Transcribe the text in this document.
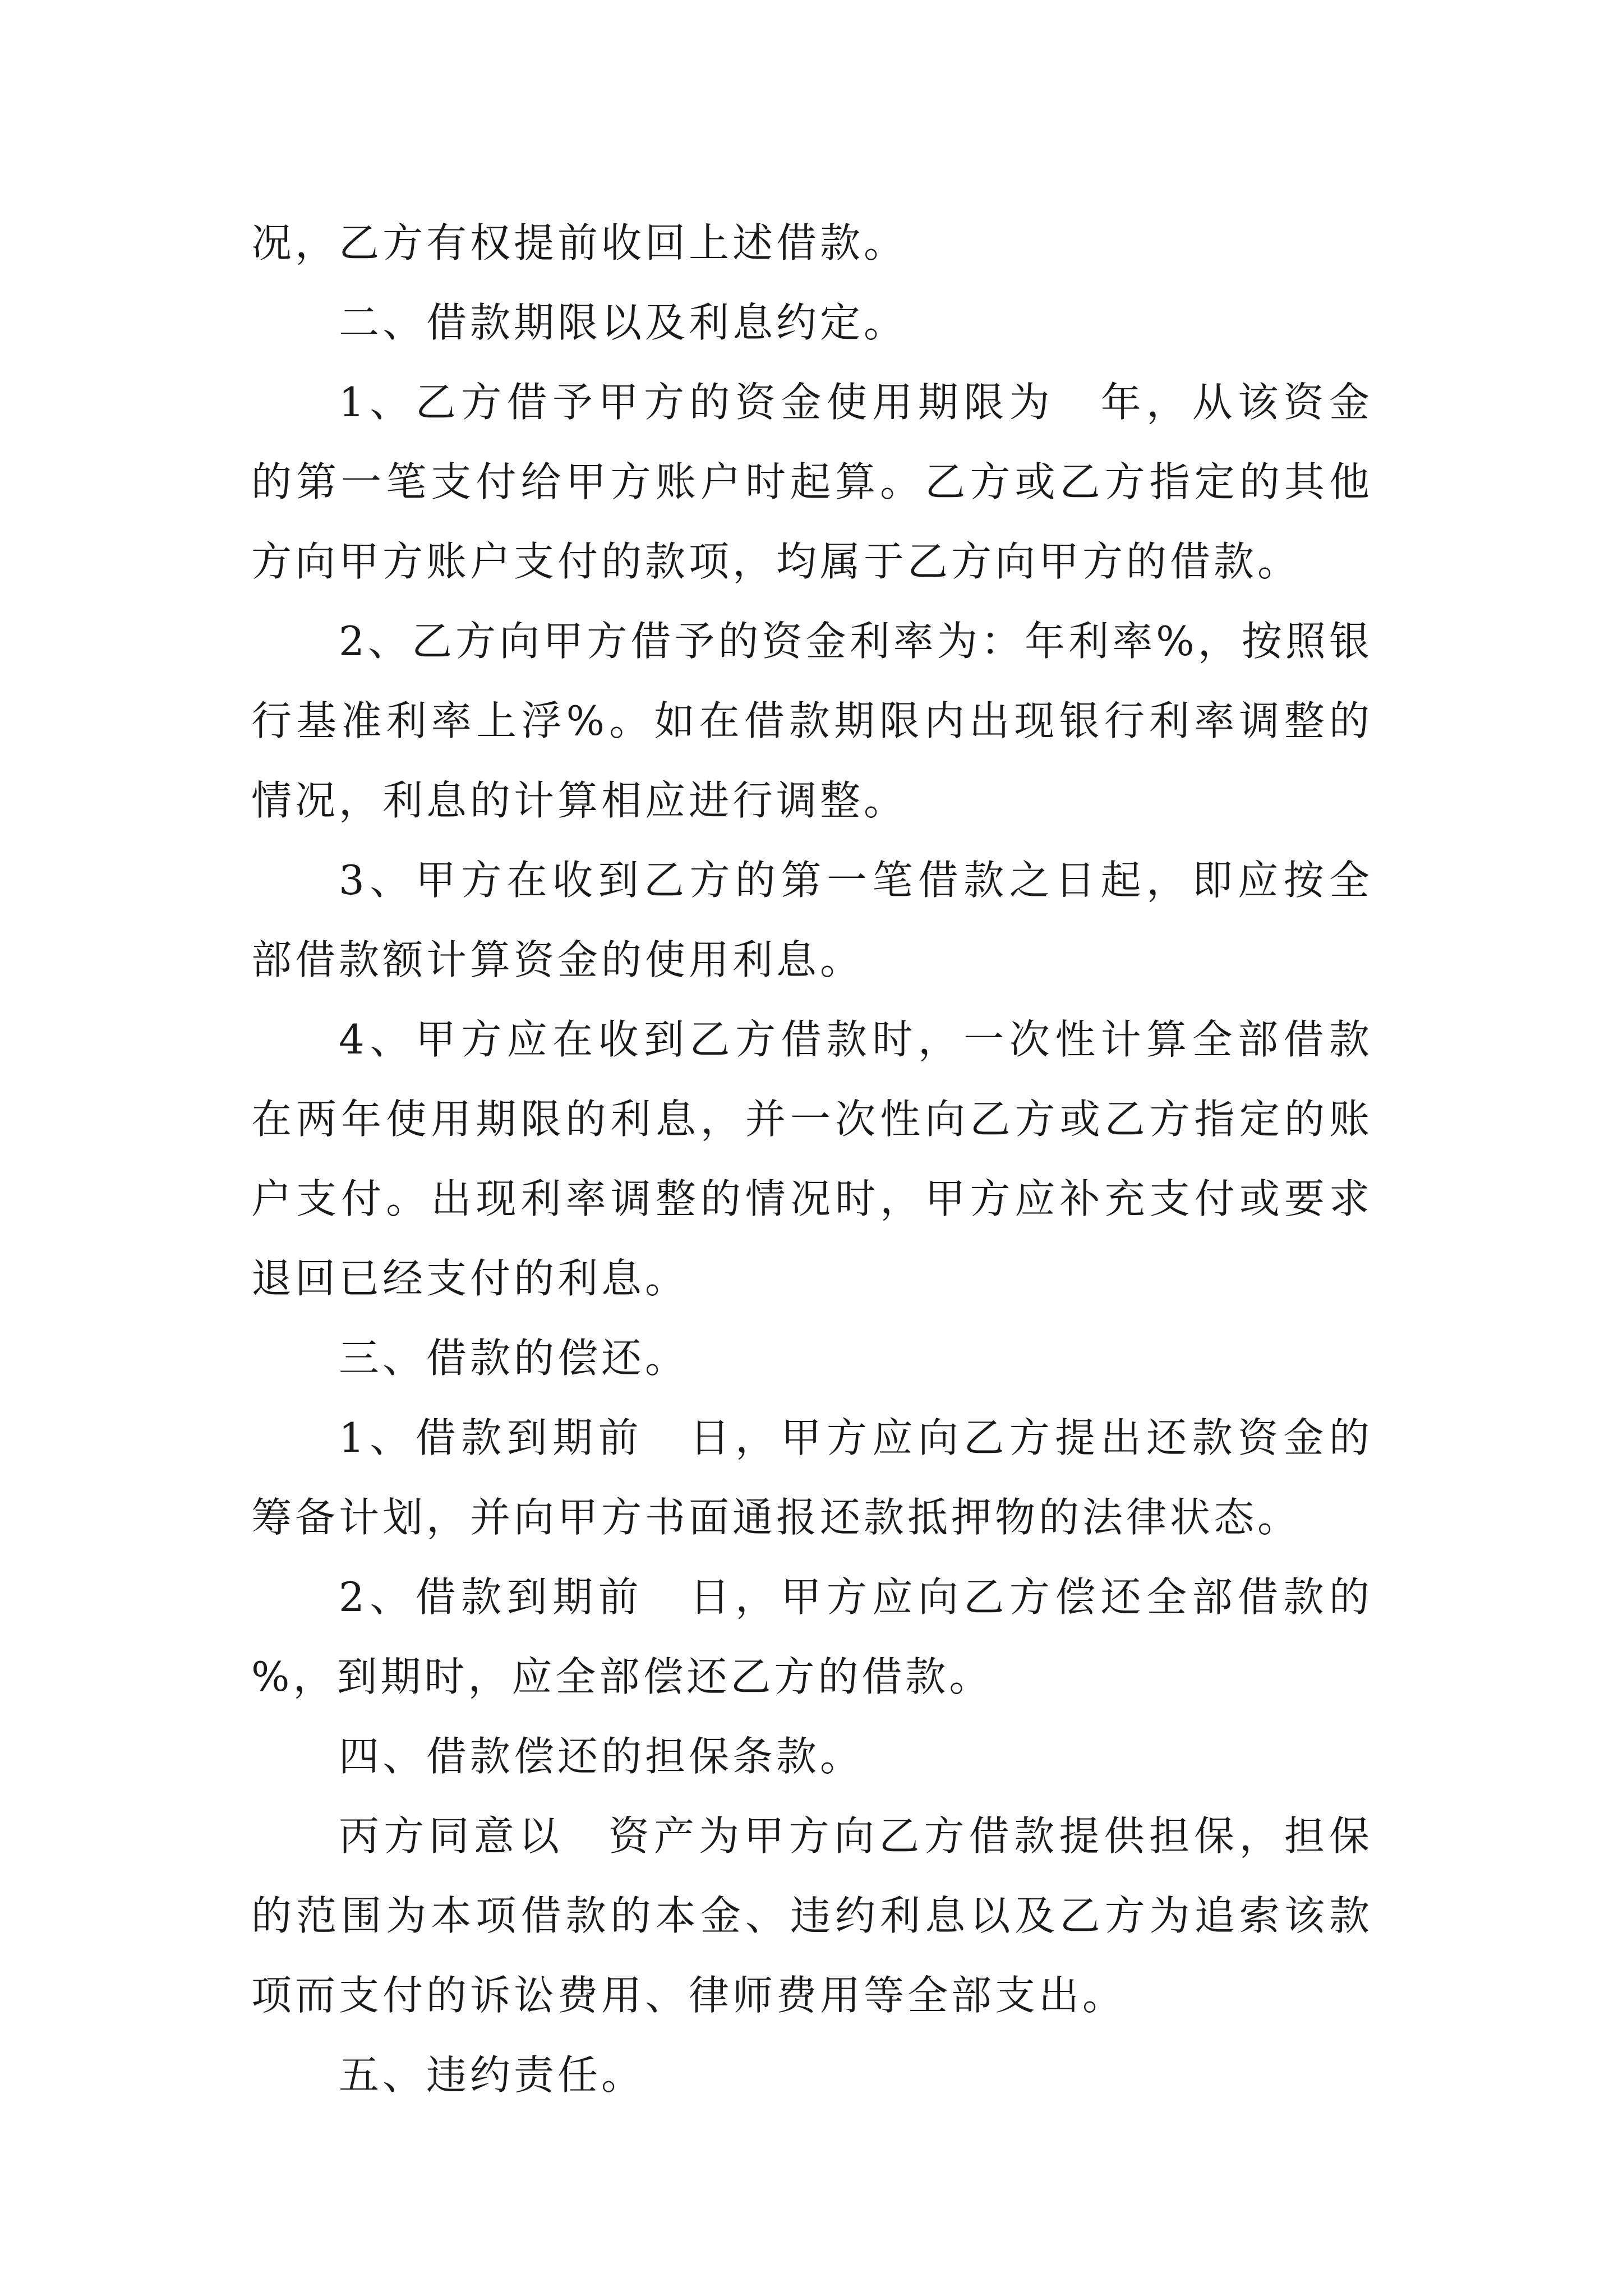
况，乙方有权提前收回上述借款。

二、借款期限以及利息约定。

1、乙方借予甲方的资金使用期限为　年，从该资金的第一笔支付给甲方账户时起算。乙方或乙方指定的其他方向甲方账户支付的款项，均属于乙方向甲方的借款。

2、乙方向甲方借予的资金利率为：年利率%，按照银行基准利率上浮%。如在借款期限内出现银行利率调整的情况，利息的计算相应进行调整。

3、甲方在收到乙方的第一笔借款之日起，即应按全部借款额计算资金的使用利息。

4、甲方应在收到乙方借款时，一次性计算全部借款在两年使用期限的利息，并一次性向乙方或乙方指定的账户支付。出现利率调整的情况时，甲方应补充支付或要求退回已经支付的利息。

三、借款的偿还。

1、借款到期前　日，甲方应向乙方提出还款资金的筹备计划，并向甲方书面通报还款抵押物的法律状态。

2、借款到期前　日，甲方应向乙方偿还全部借款的　%，到期时，应全部偿还乙方的借款。

四、借款偿还的担保条款。

丙方同意以　资产为甲方向乙方借款提供担保，担保的范围为本项借款的本金、违约利息以及乙方为追索该款项而支付的诉讼费用、律师费用等全部支出。

五、违约责任。
